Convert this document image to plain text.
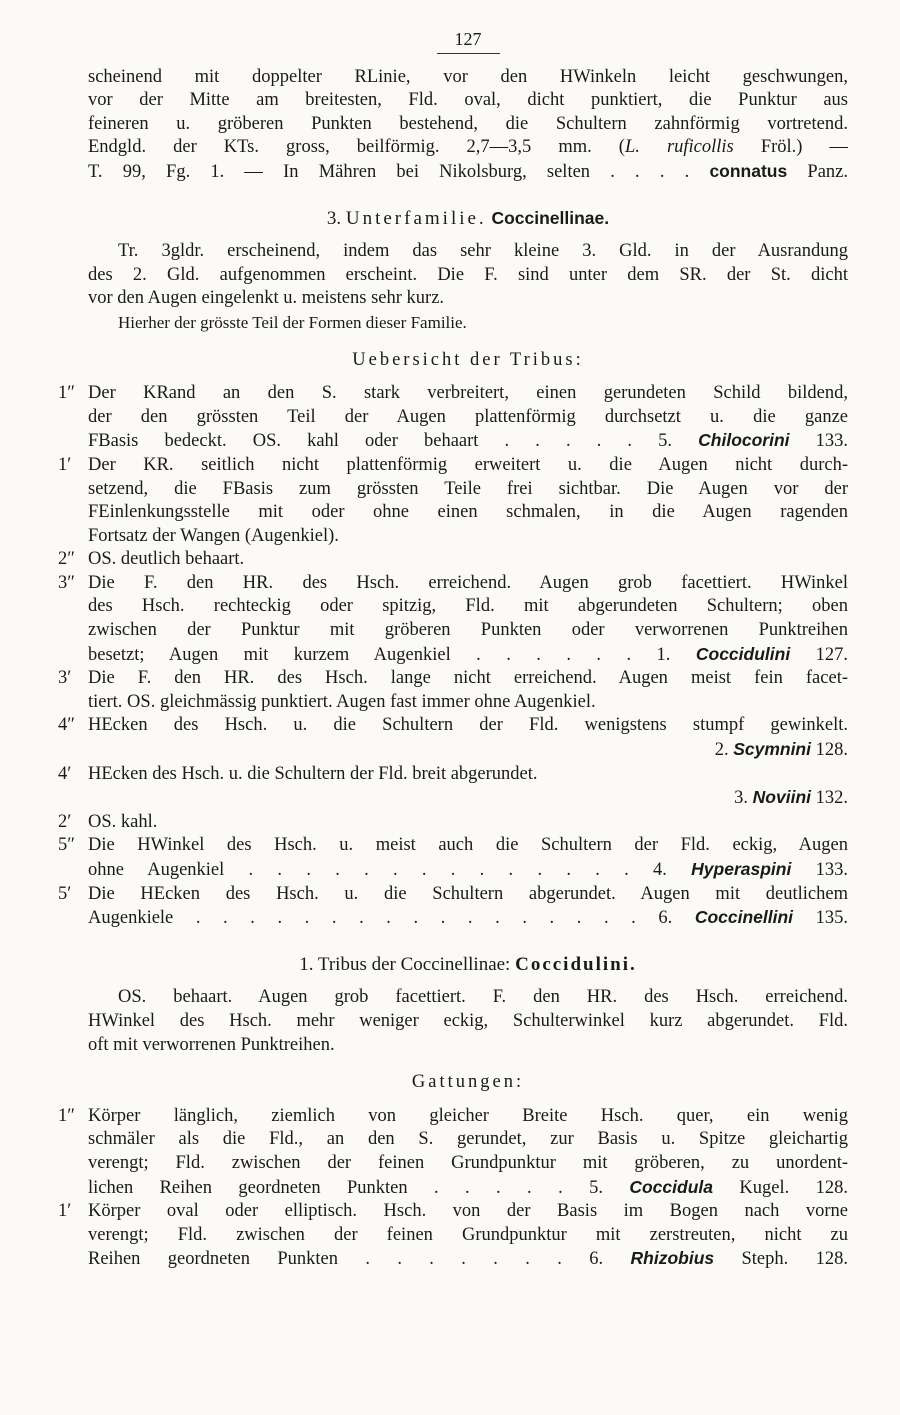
127
scheinend mit doppelter RLinie, vor den HWinkeln leicht geschwungen,
vor der Mitte am breitesten, Fld. oval, dicht punktiert, die Punktur aus
feineren u. gröberen Punkten bestehend, die Schultern zahnförmig vortretend.
Endgld. der KTs. gross, beilförmig. 2,7—3,5 mm. (L. ruficollis Fröl.) —
T. 99, Fg. 1. — In Mähren bei Nikolsburg, selten . . . . connatus Panz.
3. Unterfamilie. Coccinellinae.
Tr. 3gldr. erscheinend, indem das sehr kleine 3. Gld. in der Ausrandung
des 2. Gld. aufgenommen erscheint. Die F. sind unter dem SR. der St. dicht
vor den Augen eingelenkt u. meistens sehr kurz.
Hierher der grösste Teil der Formen dieser Familie.
Uebersicht der Tribus:
1″ Der KRand an den S. stark verbreitert, einen gerundeten Schild bildend,
der den grössten Teil der Augen plattenförmig durchsetzt u. die ganze
FBasis bedeckt. OS. kahl oder behaart . . . . . 5. Chilocorini 133.
1′ Der KR. seitlich nicht plattenförmig erweitert u. die Augen nicht durch-
setzend, die FBasis zum grössten Teile frei sichtbar. Die Augen vor der
FEinlenkungsstelle mit oder ohne einen schmalen, in die Augen ragenden
Fortsatz der Wangen (Augenkiel).
2″ OS. deutlich behaart.
3″ Die F. den HR. des Hsch. erreichend. Augen grob facettiert. HWinkel
des Hsch. rechteckig oder spitzig, Fld. mit abgerundeten Schultern; oben
zwischen der Punktur mit gröberen Punkten oder verworrenen Punktreihen
besetzt; Augen mit kurzem Augenkiel . . . . . . 1. Coccidulini 127.
3′ Die F. den HR. des Hsch. lange nicht erreichend. Augen meist fein facet-
tiert. OS. gleichmässig punktiert. Augen fast immer ohne Augenkiel.
4″ HEcken des Hsch. u. die Schultern der Fld. wenigstens stumpf gewinkelt.
2. Scymnini 128.
4′ HEcken des Hsch. u. die Schultern der Fld. breit abgerundet.
3. Noviini 132.
2′ OS. kahl.
5″ Die HWinkel des Hsch. u. meist auch die Schultern der Fld. eckig, Augen
ohne Augenkiel . . . . . . . . . . . . . . 4. Hyperaspini 133.
5′ Die HEcken des Hsch. u. die Schultern abgerundet. Augen mit deutlichem
Augenkiele . . . . . . . . . . . . . . . . . 6. Coccinellini 135.
1. Tribus der Coccinellinae: Coccidulini.
OS. behaart. Augen grob facettiert. F. den HR. des Hsch. erreichend.
HWinkel des Hsch. mehr weniger eckig, Schulterwinkel kurz abgerundet. Fld.
oft mit verworrenen Punktreihen.
Gattungen:
1″ Körper länglich, ziemlich von gleicher Breite Hsch. quer, ein wenig
schmäler als die Fld., an den S. gerundet, zur Basis u. Spitze gleichartig
verengt; Fld. zwischen der feinen Grundpunktur mit gröberen, zu unordent-
lichen Reihen geordneten Punkten . . . . . 5. Coccidula Kugel. 128.
1′ Körper oval oder elliptisch. Hsch. von der Basis im Bogen nach vorne
verengt; Fld. zwischen der feinen Grundpunktur mit zerstreuten, nicht zu
Reihen geordneten Punkten . . . . . . . 6. Rhizobius Steph. 128.
